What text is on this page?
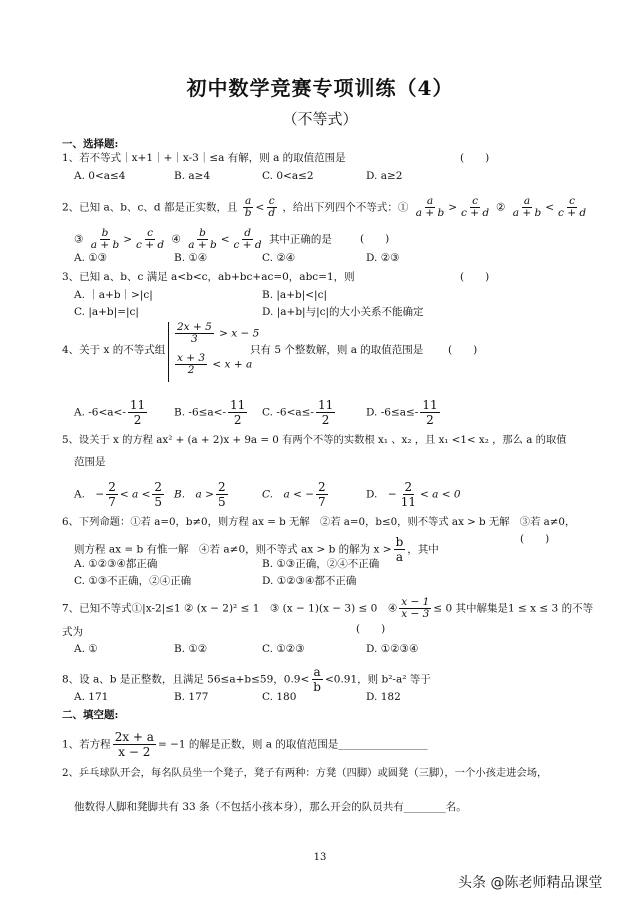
初中数学竞赛专项训练（4）
（不等式）
一、选择题:
1、若不等式｜x+1｜+｜x-3｜≤a 有解，则 a 的取值范围是	(　　)
A. 0<a≤4	B. a≥4	C. 0<a≤2	D. a≥2
2、已知 a、b、c、d 都是正实数，且 $\frac{a}{b} < \frac{c}{d}$ ，给出下列四个不等式：① $\frac{a}{a + b} > \frac{c}{c + d}$ ② $\frac{a}{a + b} < \frac{c}{c + d}$
③ $\frac{b}{a + b} > \frac{c}{c + d}$ ④ $\frac{b}{a + b} < \frac{d}{c + d}$ 其中正确的是	(　　)
A. ①③	B. ①④	C. ②④	D. ②③
3、已知 a、b、c 满足 a<b<c，ab+bc+ac=0，abc=1，则	(　　)
A. ｜a+b｜>|c|	B. |a+b|<|c|
C. |a+b|=|c|	D. |a+b|与|c|的大小关系不能确定
4、关于 x 的不等式组
$\frac{2x + 5}{3} > x - 5$
$\frac{x + 3}{2} < x + a$
只有 5 个整数解，则 a 的取值范围是 (　　)
A. $-6<a<- \frac{11}{2}$	B. $-6\le a<- \frac{11}{2} C$. $-6<a\le- \frac{11}{2}$	D. $-6\le a\le- \frac{11}{2}$
5、设关于 x 的方程 ax² + (a + 2)x + 9a = 0 有两个不等的实数根 x₁ 、x₂ ，且 x₁ <1< x₂ ，那么 a 的取值
范围是
A.　− $\frac{2}{7} < a < \frac{2}{5} B$.　$a > \frac{2}{5}$	C.　a < − $\frac{2}{7}$	D.　− $\frac{2}{11} < a < 0$
6、下列命题：①若 a=0，b≠0，则方程 ax = b 无解　②若 a=0，b≤0，则不等式 ax > b 无解　③若 a≠0，
则方程 ax = b 有惟一解　④若 a≠0，则不等式 ax > b 的解为 $x > \frac{b}{a}$ ，其中
(　　)
A. ①②③④都正确	B. ①③正确，②④不正确
C. ①③不正确，②④正确	D. ①②③④都不正确
7、已知不等式①|x-2|≤1 ② (x − 2)² ≤ 1　③ (x − 1)(x − 3) ≤ 0　④ $\frac{x - 1}{x - 3} \le 0$ 其中解集是1 ≤ x ≤ 3 的不等
式为	(　　)
A. ①	B. ①②	C. ①②③	D. ①②③④
8、设 a、b 是正整数，且满足 56≤a+b≤59，$0.9< \frac{a}{b} <0.91$，则 b²-a² 等于
A. 171	B. 177	C. 180	D. 182
二、填空题:
1、若方程 $\frac{2x + a}{x - 2} = -1$ 的解是正数，则 a 的取值范围是_________________
2、乒乓球队开会，每名队员坐一个凳子，凳子有两种：方凳（四脚）或圆凳（三脚），一个小孩走进会场，
他数得人脚和凳脚共有 33 条（不包括小孩本身），那么开会的队员共有________名。
13
头条 @陈老师精品课堂
